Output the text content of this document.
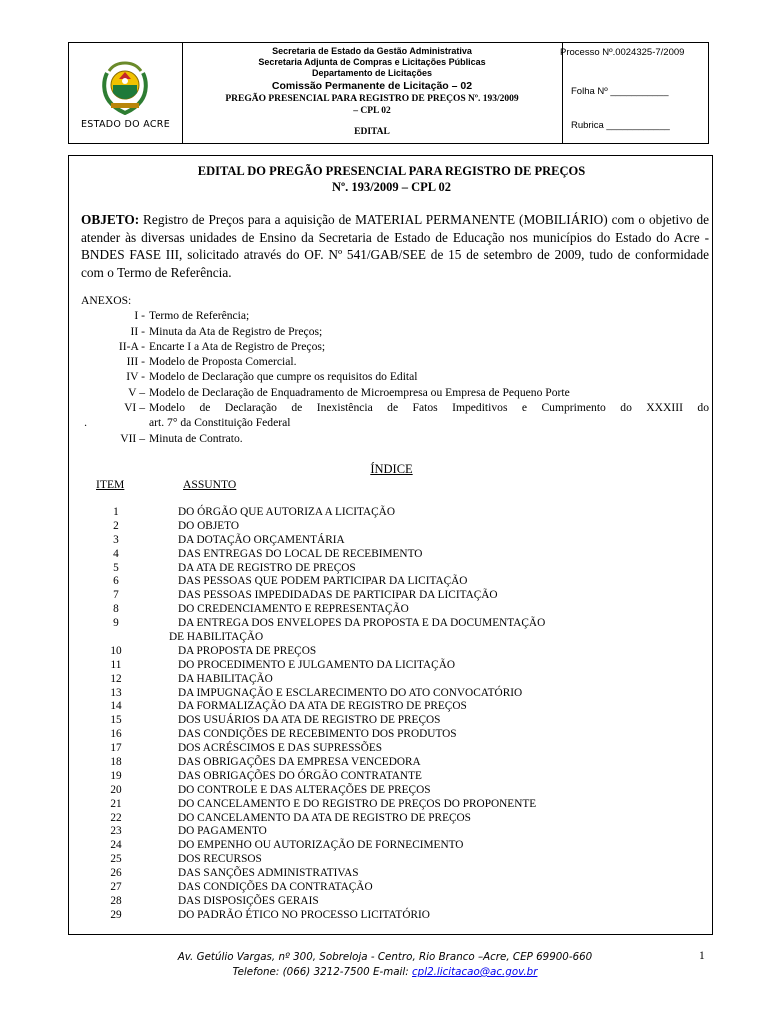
ESTADO DO ACRE
Secretaria de Estado da Gestão Administrativa
Secretaria Adjunta de Compras e Licitações Públicas
Departamento de Licitações
Comissão Permanente de Licitação – 02
PREGÃO PRESENCIAL PARA REGISTRO DE PREÇOS Nº. 193/2009
– CPL 02
EDITAL
Processo Nº.0024325-7/2009
Folha Nº ___________
Rubrica ____________
EDITAL DO PREGÃO PRESENCIAL PARA REGISTRO DE PREÇOS
Nº. 193/2009 – CPL 02
OBJETO: Registro de Preços para a aquisição de MATERIAL PERMANENTE (MOBILIÁRIO) com o objetivo de atender às diversas unidades de Ensino da Secretaria de Estado de Educação nos municípios do Estado do Acre - BNDES FASE III, solicitado através do OF. Nº 541/GAB/SEE de 15 de setembro de 2009, tudo de conformidade com o Termo de Referência.
ANEXOS:
I - Termo de Referência;
II - Minuta da Ata de Registro de Preços;
II-A - Encarte I a Ata de Registro de Preços;
III - Modelo de Proposta Comercial.
IV - Modelo de Declaração que cumpre os requisitos do Edital
V – Modelo de Declaração de Enquadramento de Microempresa ou Empresa de Pequeno Porte
VI – Modelo de Declaração de Inexistência de Fatos Impeditivos e Cumprimento do XXXIII do
.	art. 7° da Constituição Federal
VII – Minuta de Contrato.
ÍNDICE
ITEM	ASSUNTO
1	DO ÓRGÃO QUE AUTORIZA A LICITAÇÃO
2	DO OBJETO
3	DA DOTAÇÃO ORÇAMENTÁRIA
4	DAS ENTREGAS DO LOCAL DE RECEBIMENTO
5	DA ATA DE REGISTRO DE PREÇOS
6	DAS PESSOAS QUE PODEM PARTICIPAR DA LICITAÇÃO
7	DAS PESSOAS IMPEDIDADAS DE PARTICIPAR DA LICITAÇÃO
8	DO CREDENCIAMENTO E REPRESENTAÇÃO
9	DA ENTREGA DOS ENVELOPES DA PROPOSTA E DA DOCUMENTAÇÃO
DE HABILITAÇÃO
10	DA PROPOSTA DE PREÇOS
11	DO PROCEDIMENTO E JULGAMENTO DA LICITAÇÃO
12	DA HABILITAÇÃO
13	DA IMPUGNAÇÃO E ESCLARECIMENTO DO ATO CONVOCATÓRIO
14	DA FORMALIZAÇÃO DA ATA DE REGISTRO DE PREÇOS
15	DOS USUÁRIOS DA ATA DE REGISTRO DE PREÇOS
16	DAS CONDIÇÕES DE RECEBIMENTO DOS PRODUTOS
17	DOS ACRÉSCIMOS E DAS SUPRESSÕES
18	DAS OBRIGAÇÕES DA EMPRESA VENCEDORA
19	DAS OBRIGAÇÕES DO ÓRGÃO CONTRATANTE
20	DO CONTROLE E DAS ALTERAÇÕES DE PREÇOS
21	DO CANCELAMENTO E DO REGISTRO DE PREÇOS DO PROPONENTE
22	DO CANCELAMENTO DA ATA DE REGISTRO DE PREÇOS
23	DO PAGAMENTO
24	DO EMPENHO OU AUTORIZAÇÃO DE FORNECIMENTO
25	DOS RECURSOS
26	DAS SANÇÕES ADMINISTRATIVAS
27	DAS CONDIÇÕES DA CONTRATAÇÃO
28	DAS DISPOSIÇÕES GERAIS
29	DO PADRÃO ÉTICO NO PROCESSO LICITATÓRIO
Av. Getúlio Vargas, nº 300, Sobreloja - Centro, Rio Branco –Acre, CEP 69900-660
Telefone: (066) 3212-7500 E-mail: cpl2.licitacao@ac.gov.br
1
